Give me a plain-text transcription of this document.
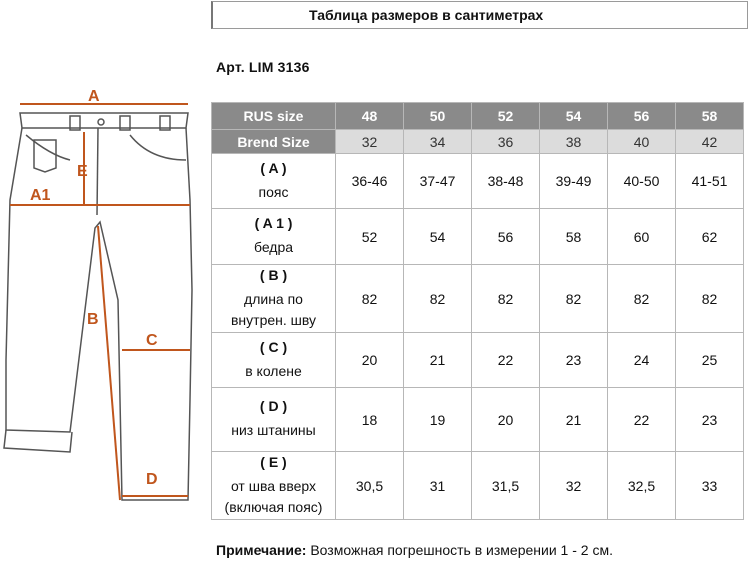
Таблица размеров в сантиметрах
Арт. LIM 3136
A
A1
E
B
C
D
RUS size	48	50	52	54	56	58
Brend Size	32	34	36	38	40	42

( A )
пояс	36-46	37-47	38-48	39-49	40-50	41-51

( A 1 )
бедра	52	54	56	58	60	62

( B )
длина по
внутрен. шву	82	82	82	82	82	82

( C )
в колене	20	21	22	23	24	25

( D )
низ штанины	18	19	20	21	22	23

( E )
от шва вверх
(включая пояс)	30,5	31	31,5	32	32,5	33
Примечание: Возможная погрешность в измерении 1 - 2 см.
